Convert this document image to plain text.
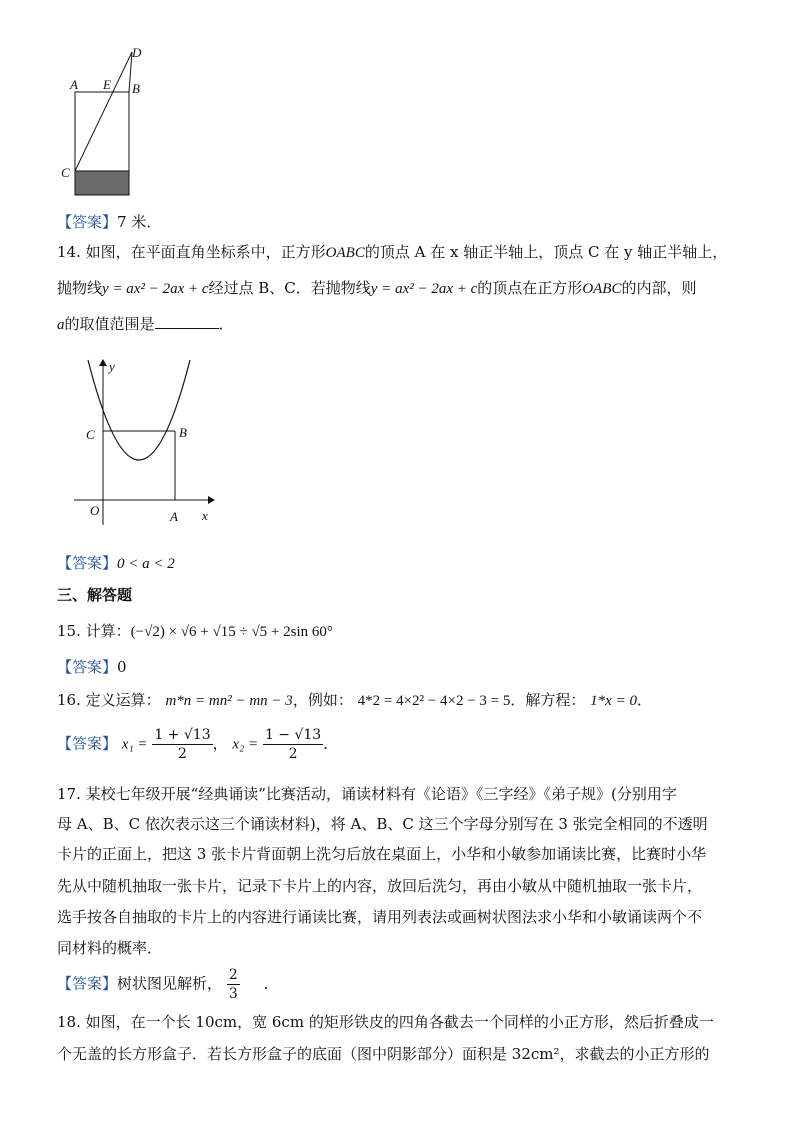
D
A E B
C
【答案】7 米．
14. 如图，在平面直角坐标系中，正方形OABC的顶点 A 在 x 轴正半轴上，顶点 C 在 y 轴正半轴上，
抛物线y = ax² − 2ax + c经过点 B、C．若抛物线y = ax² − 2ax + c的顶点在正方形OABC的内部，则
a的取值范围是	．
y
C	B
O	A x
【答案】0 < a < 2
三、解答题
15. 计算：(−√2) × √6 + √15 ÷ √5 + 2sin 60°
【答案】0
16. 定义运算： m*n = mn² − mn − 3，例如： 4*2 = 4×2² − 4×2 − 3 = 5．解方程： 1*x = 0．
【答案】 $x_1 = \frac{1 + √13}{2}$ ， $x_2 = \frac{1 - √13}{2}$ ．
17. 某校七年级开展“经典诵读”比赛活动，诵读材料有《论语》《三字经》《弟子规》(分别用字
母 A、B、C 依次表示这三个诵读材料)，将 A、B、C 这三个字母分别写在 3 张完全相同的不透明
卡片的正面上，把这 3 张卡片背面朝上洗匀后放在桌面上，小华和小敏参加诵读比赛，比赛时小华
先从中随机抽取一张卡片，记录下卡片上的内容，放回后洗匀，再由小敏从中随机抽取一张卡片，
选手按各自抽取的卡片上的内容进行诵读比赛，请用列表法或画树状图法求小华和小敏诵读两个不
同材料的概率．
【答案】树状图见解析， $\frac{2}{3}$ ．
18. 如图，在一个长 10cm，宽 6cm 的矩形铁皮的四角各截去一个同样的小正方形，然后折叠成一
个无盖的长方形盒子．若长方形盒子的底面（图中阴影部分）面积是 32cm²，求截去的小正方形的
